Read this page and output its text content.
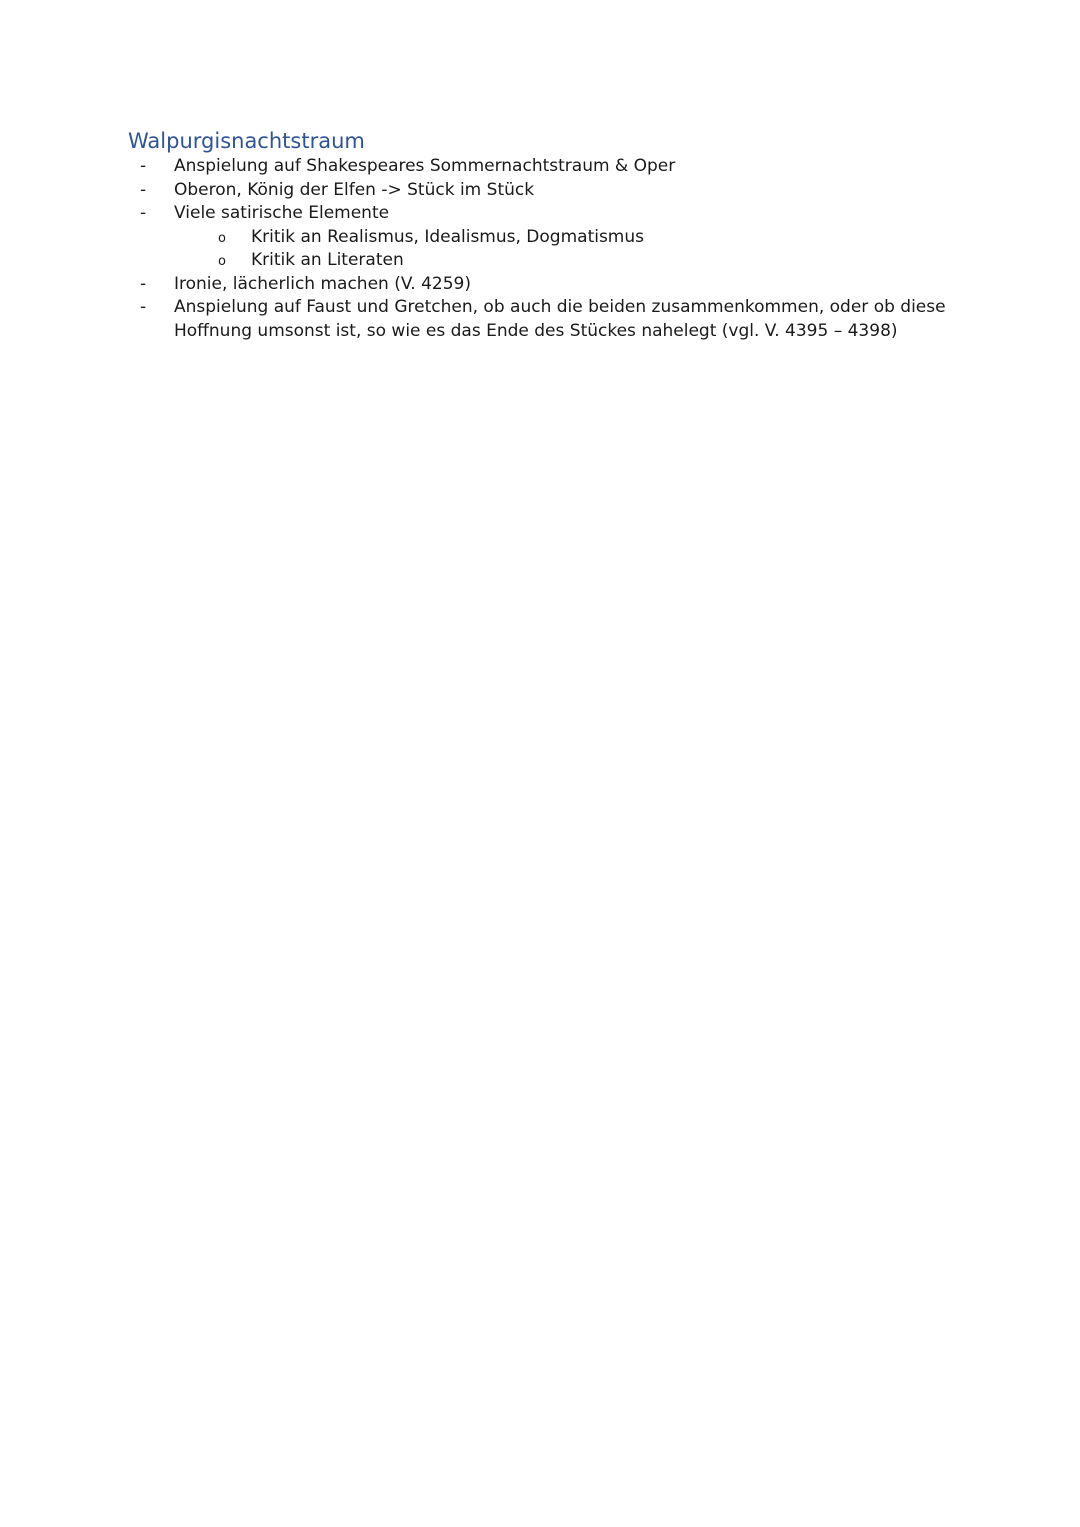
Walpurgisnachtstraum
-	Anspielung auf Shakespeares Sommernachtstraum & Oper
-	Oberon, König der Elfen -> Stück im Stück
-	Viele satirische Elemente
o Kritik an Realismus, Idealismus, Dogmatismus
o Kritik an Literaten
-	Ironie, lächerlich machen (V. 4259)
-	Anspielung auf Faust und Gretchen, ob auch die beiden zusammenkommen, oder ob diese Hoffnung umsonst ist, so wie es das Ende des Stückes nahelegt (vgl. V. 4395 – 4398)
